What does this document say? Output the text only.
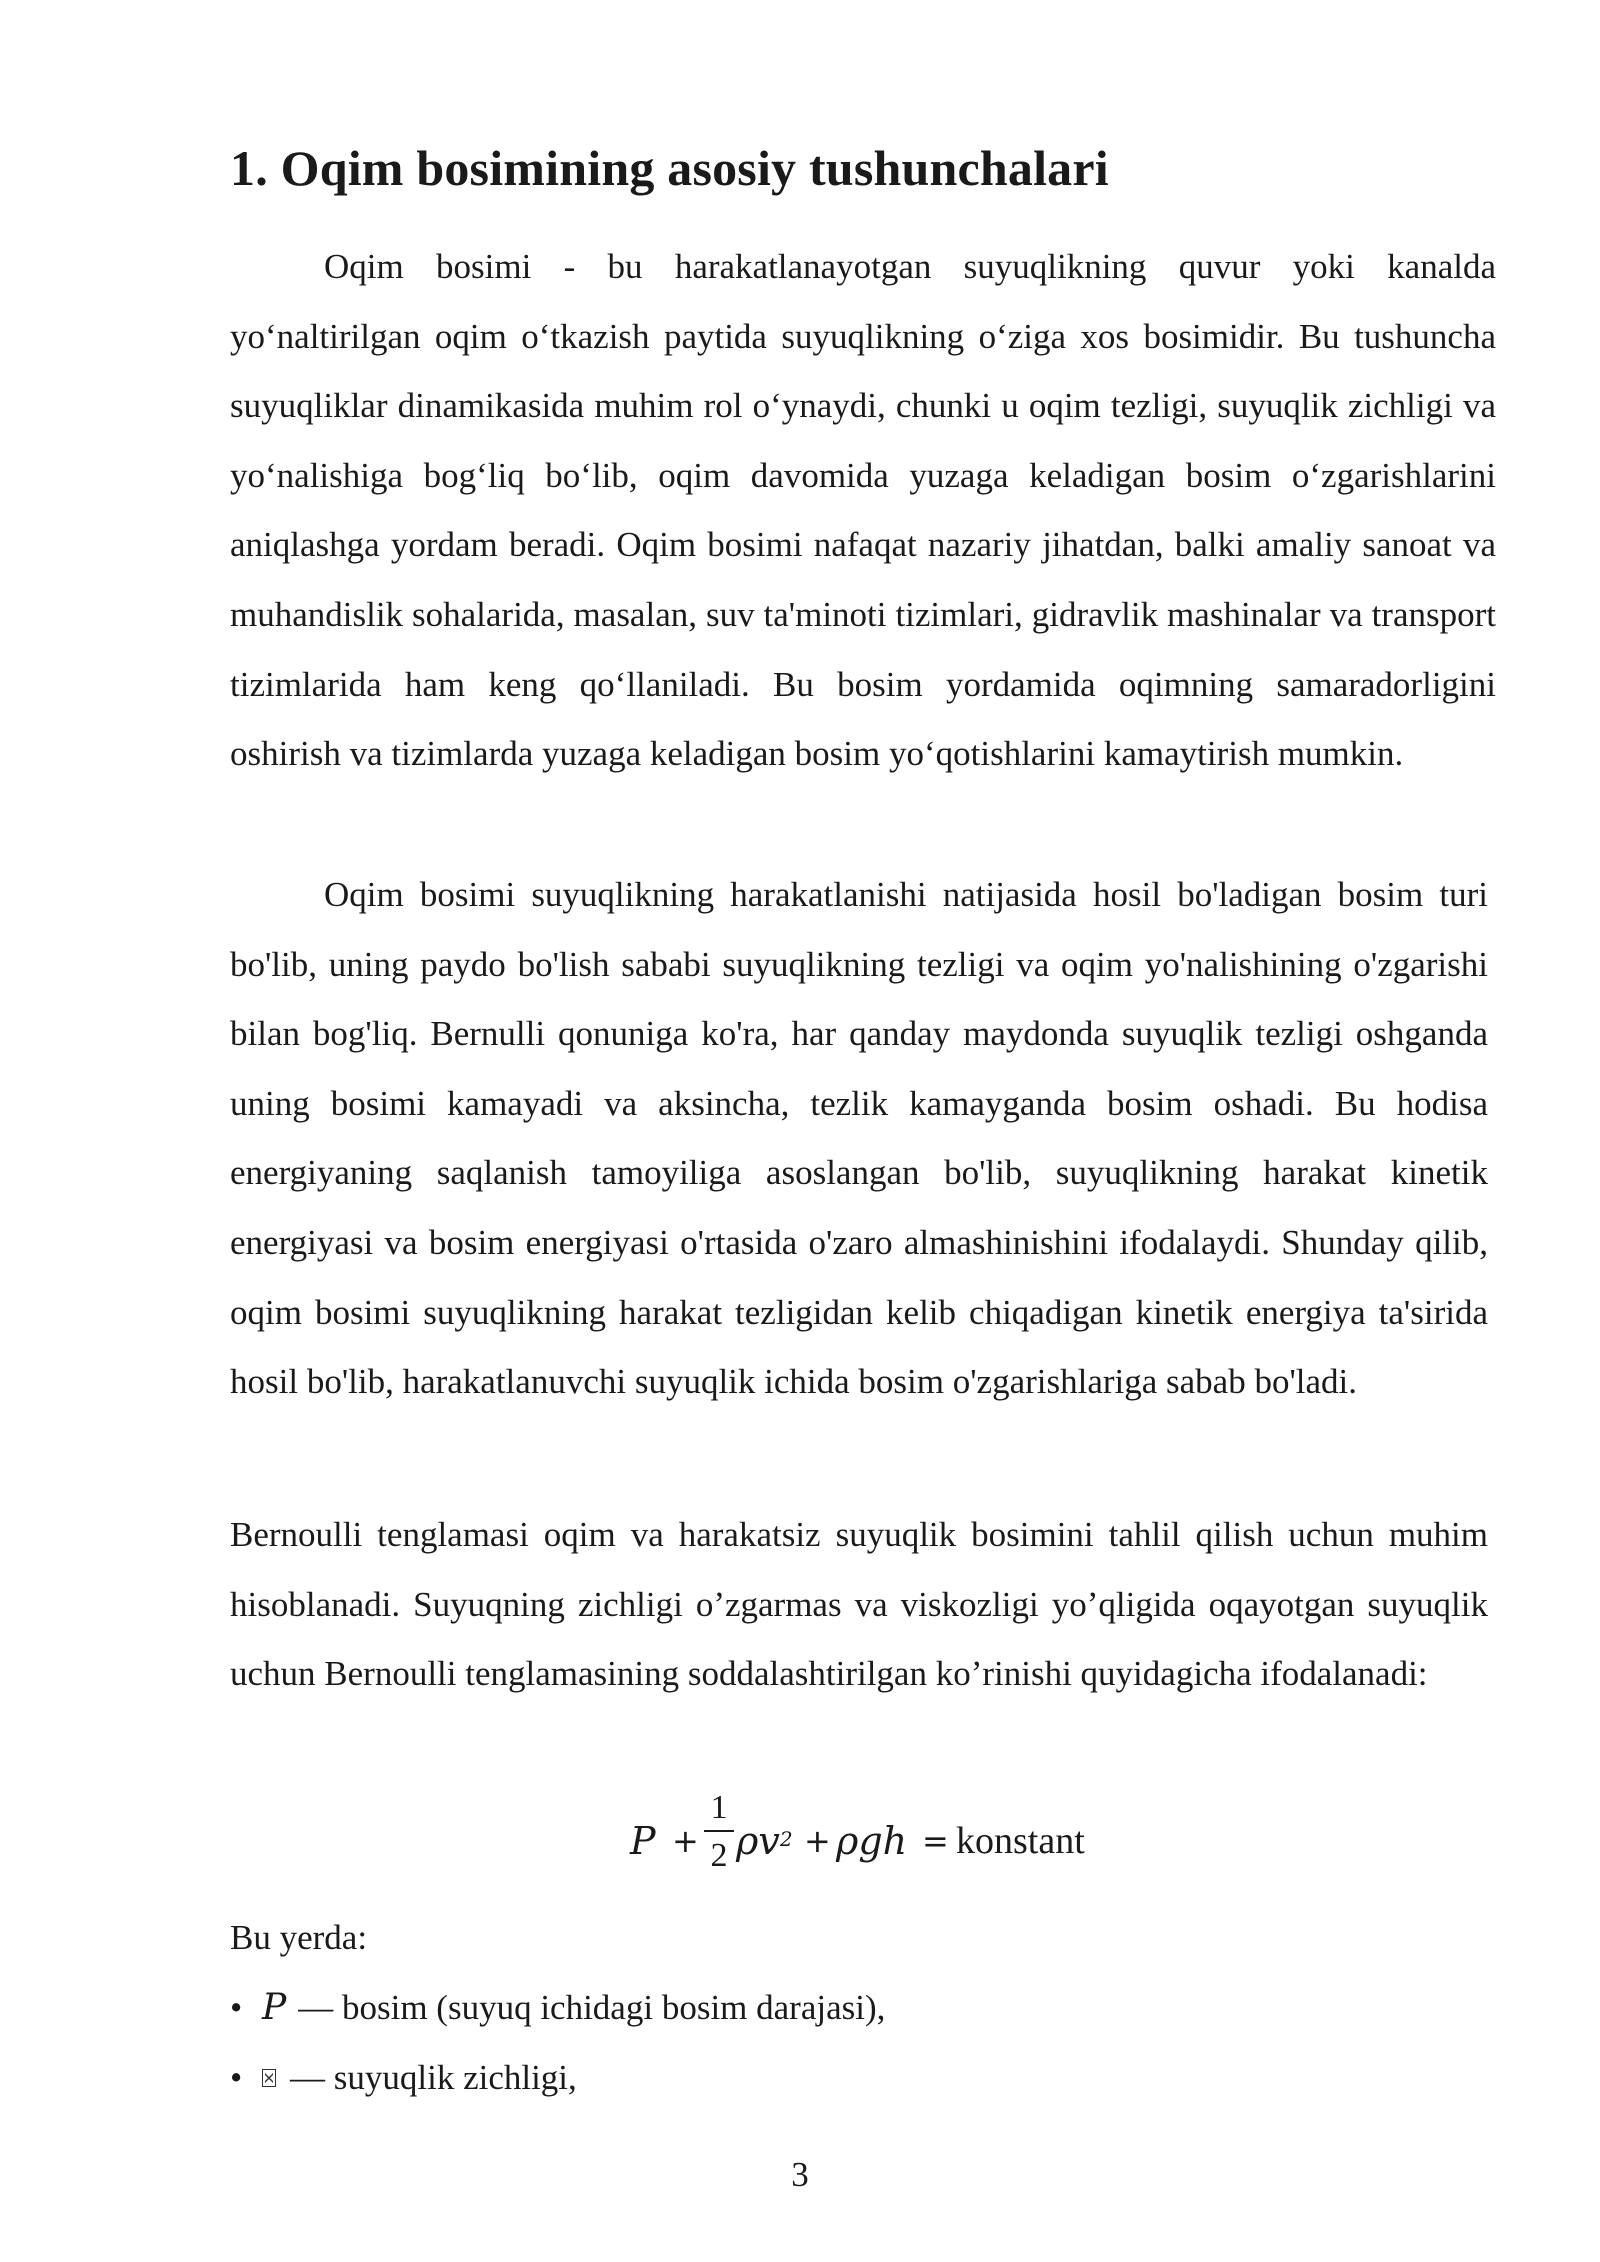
1. Oqim bosimining asosiy tushunchalari

Oqim bosimi - bu harakatlanayotgan suyuqlikning quvur yoki kanalda yoʻnaltirilgan oqim oʻtkazish paytida suyuqlikning oʻziga xos bosimidir. Bu tushuncha suyuqliklar dinamikasida muhim rol oʻynaydi, chunki u oqim tezligi, suyuqlik zichligi va yoʻnalishiga bogʻliq boʻlib, oqim davomida yuzaga keladigan bosim oʻzgarishlarini aniqlashga yordam beradi. Oqim bosimi nafaqat nazariy jihatdan, balki amaliy sanoat va muhandislik sohalarida, masalan, suv ta'minoti tizimlari, gidravlik mashinalar va transport tizimlarida ham keng qoʻllaniladi. Bu bosim yordamida oqimning samaradorligini oshirish va tizimlarda yuzaga keladigan bosim yoʻqotishlarini kamaytirish mumkin.

Oqim bosimi suyuqlikning harakatlanishi natijasida hosil bo'ladigan bosim turi bo'lib, uning paydo bo'lish sababi suyuqlikning tezligi va oqim yo'nalishining o'zgarishi bilan bog'liq. Bernulli qonuniga ko'ra, har qanday maydonda suyuqlik tezligi oshganda uning bosimi kamayadi va aksincha, tezlik kamayganda bosim oshadi. Bu hodisa energiyaning saqlanish tamoyiliga asoslangan bo'lib, suyuqlikning harakat kinetik energiyasi va bosim energiyasi o'rtasida o'zaro almashinishini ifodalaydi. Shunday qilib, oqim bosimi suyuqlikning harakat tezligidan kelib chiqadigan kinetik energiya ta'sirida hosil bo'lib, harakatlanuvchi suyuqlik ichida bosim o'zgarishlariga sabab bo'ladi.

Bernoulli tenglamasi oqim va harakatsiz suyuqlik bosimini tahlil qilish uchun muhim hisoblanadi. Suyuqning zichligi oʼzgarmas va viskozligi yoʼqligida oqayotgan suyuqlik uchun Bernoulli tenglamasining soddalashtirilgan koʼrinishi quyidagicha ifodalanadi:

P +
1
2 $\rho v^2 + \rho gh$ = konstant

Bu yerda:

• P — bosim (suyuq ichidagi bosim darajasi),
• — suyuqlik zichligi,
3
